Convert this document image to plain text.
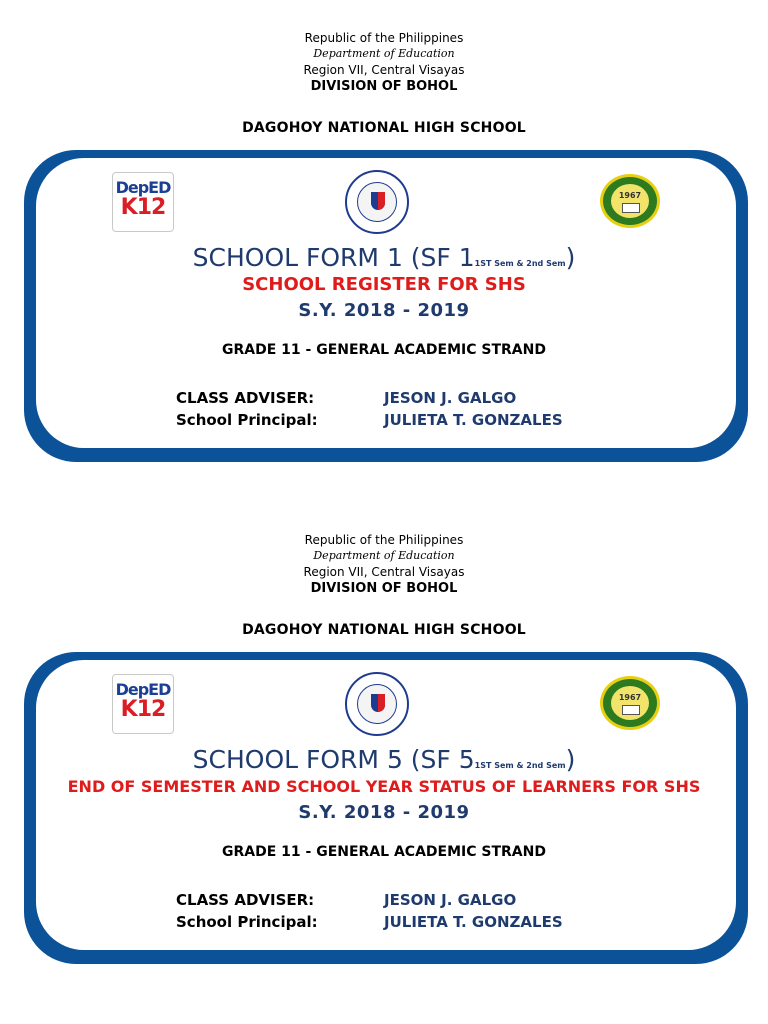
Republic of the Philippines
Department of Education
Region VII, Central Visayas
DIVISION OF BOHOL
DAGOHOY NATIONAL HIGH SCHOOL
DepED
K12	1967
SCHOOL FORM 1 (SF 11ST Sem & 2nd Sem)
SCHOOL REGISTER FOR SHS
S.Y. 2018 - 2019
GRADE 11 - GENERAL ACADEMIC STRAND
CLASS ADVISER:	JESON J. GALGO
School Principal:	JULIETA T. GONZALES
Republic of the Philippines
Department of Education
Region VII, Central Visayas
DIVISION OF BOHOL
DAGOHOY NATIONAL HIGH SCHOOL
DepED
K12	1967
SCHOOL FORM 5 (SF 51ST Sem & 2nd Sem)
END OF SEMESTER AND SCHOOL YEAR STATUS OF LEARNERS FOR SHS
S.Y. 2018 - 2019
GRADE 11 - GENERAL ACADEMIC STRAND
CLASS ADVISER:	JESON J. GALGO
School Principal:	JULIETA T. GONZALES
